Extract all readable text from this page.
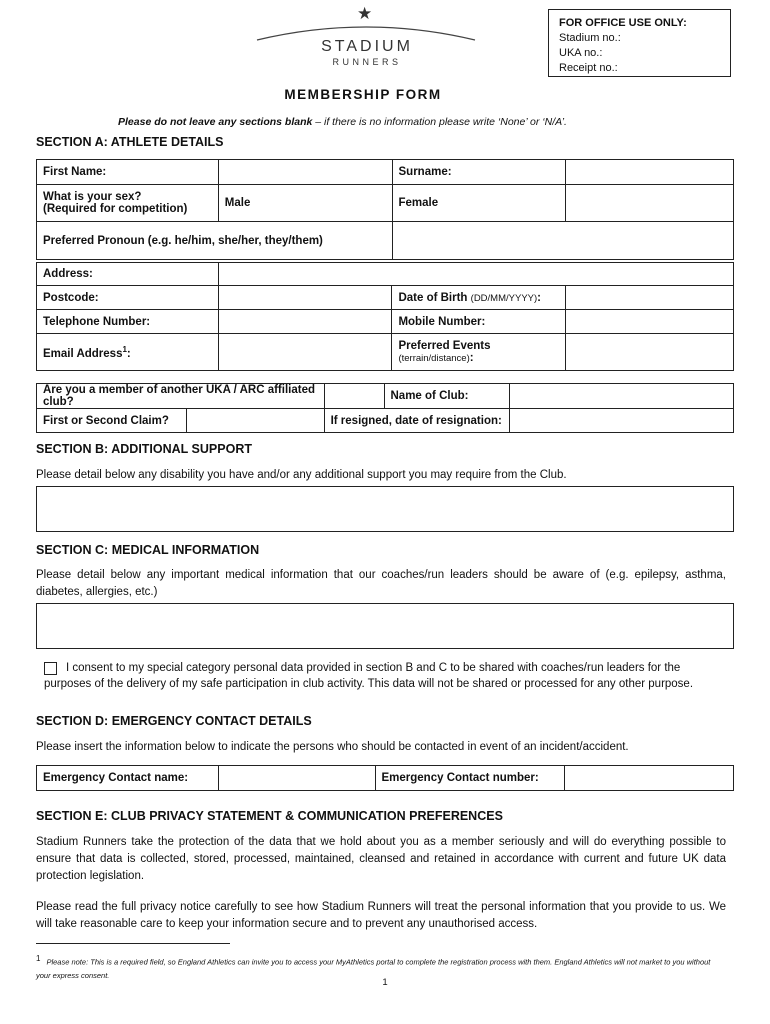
★
STADIUM
RUNNERS
FOR OFFICE USE ONLY:
Stadium no.:
UKA no.:
Receipt no.:
MEMBERSHIP FORM
Please do not leave any sections blank – if there is no information please write ‘None’ or ‘N/A’.
SECTION A: ATHLETE DETAILS
First Name:		Surname:	

What is your sex?
(Required for competition)	Male	Female	
Preferred Pronoun (e.g. he/him, she/her, they/them)			
Address:			
Postcode:		Date of Birth (DD/MM/YYYY):	
Telephone Number:		Mobile Number:	
Email Address$^1$:		Preferred Events
(terrain/distance):	

Are you a member of another UKA / ARC affiliated club?			Name of Club:	
First or Second Claim?		If resigned, date of resignation:		
SECTION B: ADDITIONAL SUPPORT
Please detail below any disability you have and/or any additional support you may require from the Club.
SECTION C: MEDICAL INFORMATION
Please detail below any important medical information that our coaches/run leaders should be aware of (e.g. epilepsy, asthma, diabetes, allergies, etc.)
I consent to my special category personal data provided in section B and C to be shared with coaches/run leaders for the purposes of the delivery of my safe participation in club activity. This data will not be shared or processed for any other purpose.
SECTION D: EMERGENCY CONTACT DETAILS
Please insert the information below to indicate the persons who should be contacted in event of an incident/accident.
Emergency Contact name:		Emergency Contact number:	
SECTION E: CLUB PRIVACY STATEMENT & COMMUNICATION PREFERENCES
Stadium Runners take the protection of the data that we hold about you as a member seriously and will do everything possible to ensure that data is collected, stored, processed, maintained, cleansed and retained in accordance with current and future UK data protection legislation.
Please read the full privacy notice carefully to see how Stadium Runners will treat the personal information that you provide to us. We will take reasonable care to keep your information secure and to prevent any unauthorised access.
$^1$ Please note: This is a required field, so England Athletics can invite you to access your MyAthletics portal to complete the registration process with them. England Athletics will not market to you without your express consent.
1
